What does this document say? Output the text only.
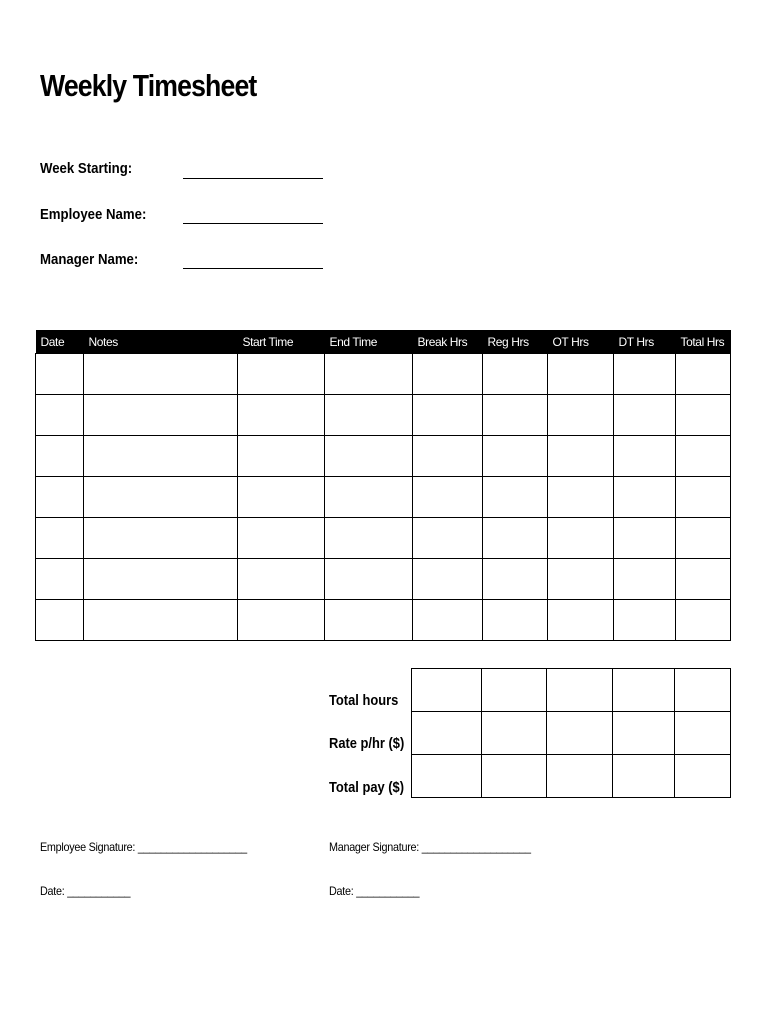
Weekly Timesheet
Week Starting:
Employee Name:
Manager Name:
Date	Notes	Start Time	End Time	Break Hrs	Reg Hrs	OT Hrs	DT Hrs	Total Hrs

Total hours
Rate p/hr ($)
Total pay ($)

Employee Signature: ___________________	Manager Signature: ___________________
Date: ___________	Date: ___________
